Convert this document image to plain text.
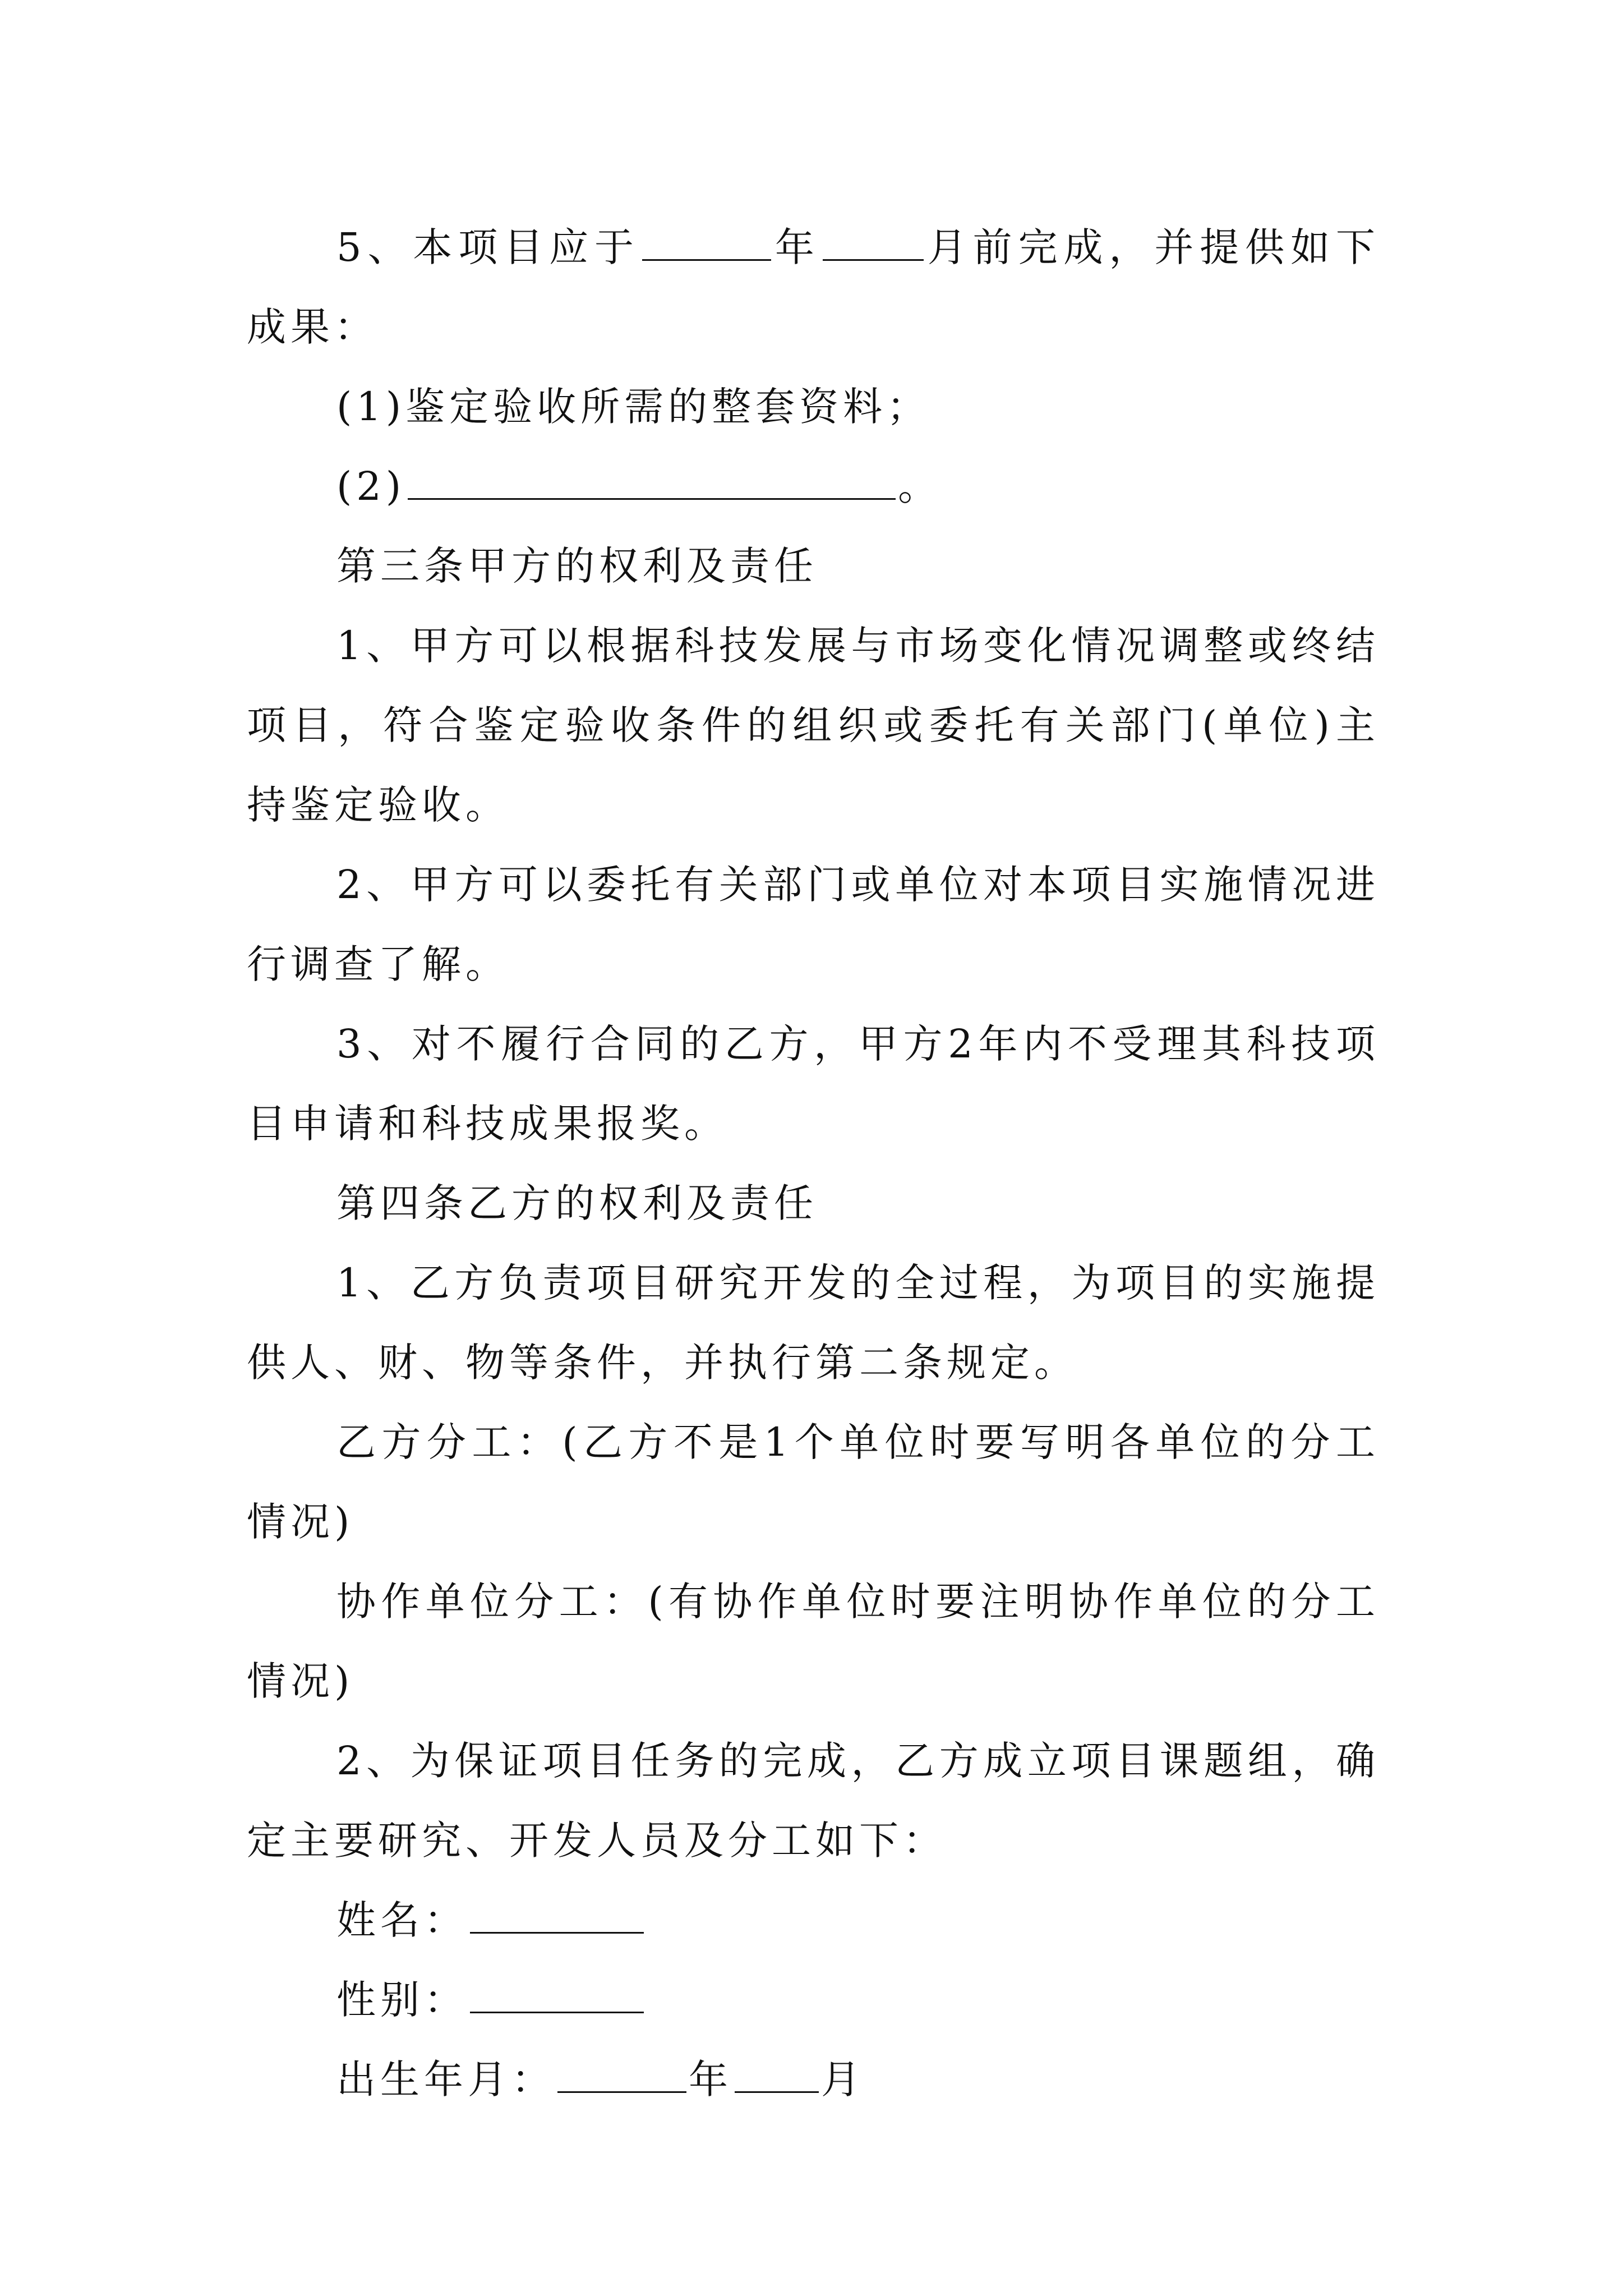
5、本项目应于	年	月前完成，并提供如下成果：

(1)鉴定验收所需的整套资料；

(2)	。

第三条甲方的权利及责任

1、甲方可以根据科技发展与市场变化情况调整或终结项目，符合鉴定验收条件的组织或委托有关部门(单位)主持鉴定验收。

2、甲方可以委托有关部门或单位对本项目实施情况进行调查了解。

3、对不履行合同的乙方，甲方2年内不受理其科技项目申请和科技成果报奖。

第四条乙方的权利及责任

1、乙方负责项目研究开发的全过程，为项目的实施提供人、财、物等条件，并执行第二条规定。

乙方分工：(乙方不是1个单位时要写明各单位的分工情况)

协作单位分工：(有协作单位时要注明协作单位的分工情况)

2、为保证项目任务的完成，乙方成立项目课题组，确定主要研究、开发人员及分工如下：

姓名：

性别：

出生年月：	年 月
